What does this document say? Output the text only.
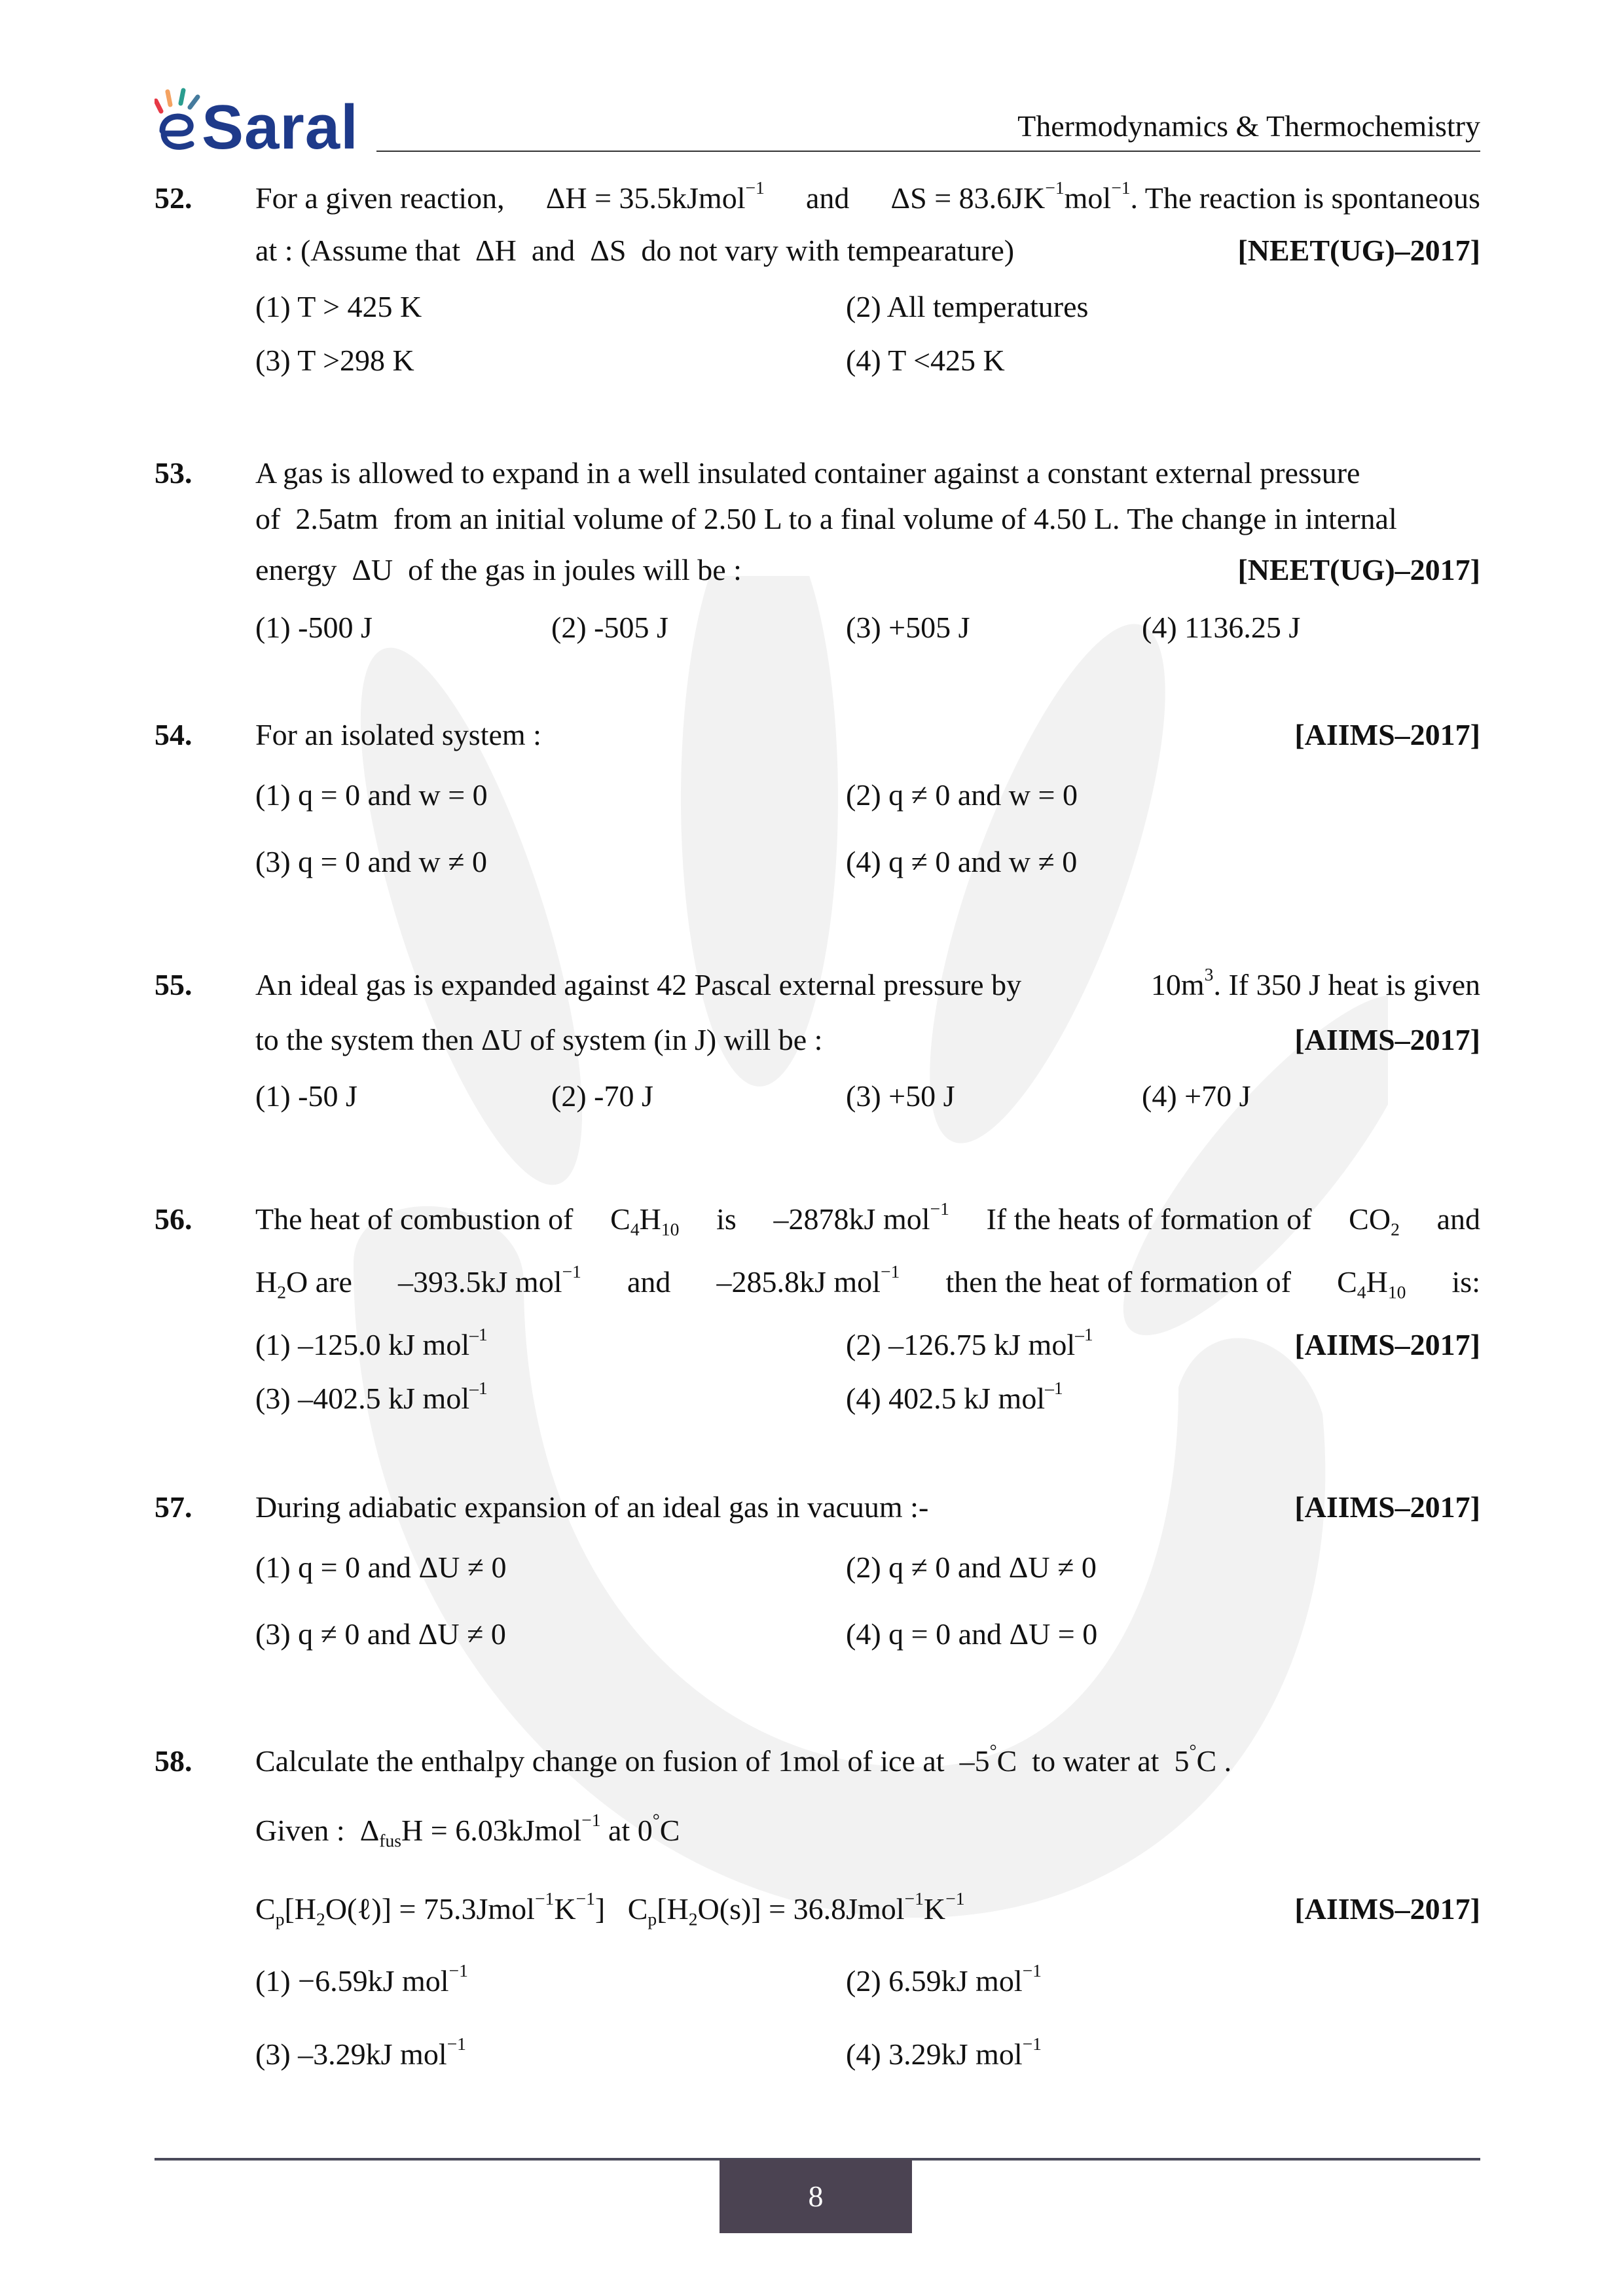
Saral	Thermodynamics & Thermochemistry
52. For a given reaction, ΔH = 35.5kJmol$^{-1}$ and $\Delta S = 83.6JK^{-1}mol^{-1}$. The reaction is spontaneous
at : (Assume that ΔH and ΔS do not vary with tempearature)	[NEET(UG)–2017]
(1) T > 425 K	(2) All temperatures
(3) T >298 K	(4) T <425 K
53. A gas is allowed to expand in a well insulated container against a constant external pressure
of 2.5atm from an initial volume of 2.50 L to a final volume of 4.50 L. The change in internal
energy ΔU of the gas in joules will be :	[NEET(UG)–2017]
(1) -500 J	(2) -505 J	(3) +505 J	(4) 1136.25 J
54. For an isolated system :	[AIIMS–2017]
(1) q = 0 and w = 0	(2) q ≠ 0 and w = 0
(3) q = 0 and w ≠ 0	(4) q ≠ 0 and w ≠ 0
55. An ideal gas is expanded against 42 Pascal external pressure by	$10m^3$. If 350 J heat is given
to the system then ΔU of system (in J) will be :	[AIIMS–2017]
(1) -50 J	(2) -70 J	(3) +50 J	(4) +70 J
56. The heat of combustion of $C_4H_{10}$ is –2878kJ mol$^{-1}$ If the heats of formation of $CO_2$ and
$H_2O$ are –393.5kJ mol$^{-1}$ and –285.8kJ mol$^{-1}$ then the heat of formation of $C_4H_{10}$ is:
[AIIMS–2017]
(1) –125.0 kJ mol$^{-1}$	(2) –126.75 kJ mol$^{-1}$
(3) –402.5 kJ mol$^{-1}$	(4) 402.5 kJ mol$^{-1}$
57. During adiabatic expansion of an ideal gas in vacuum :-	[AIIMS–2017]
(1) q = 0 and ΔU ≠ 0	(2) q ≠ 0 and ΔU ≠ 0
(3) q ≠ 0 and ΔU ≠ 0	(4) q = 0 and ΔU = 0
58. Calculate the enthalpy change on fusion of 1mol of ice at –5°C to water at 5°C .
Given :  $\Delta_{fus}H$ = 6.03kJmol$^{-1}$ at 0°C
$C_p[H_2O(\ell)]$ = $75.3Jmol^{-1}K^{-1}$]   $C_p[H_2O(s)]$ = $36.8Jmol^{-1}K^{-1}$	[AIIMS–2017]
(1) −6.59kJ mol$^{-1}$	(2) 6.59kJ mol$^{-1}$
(3) –3.29kJ mol$^{-1}$	(4) 3.29kJ mol$^{-1}$
8
